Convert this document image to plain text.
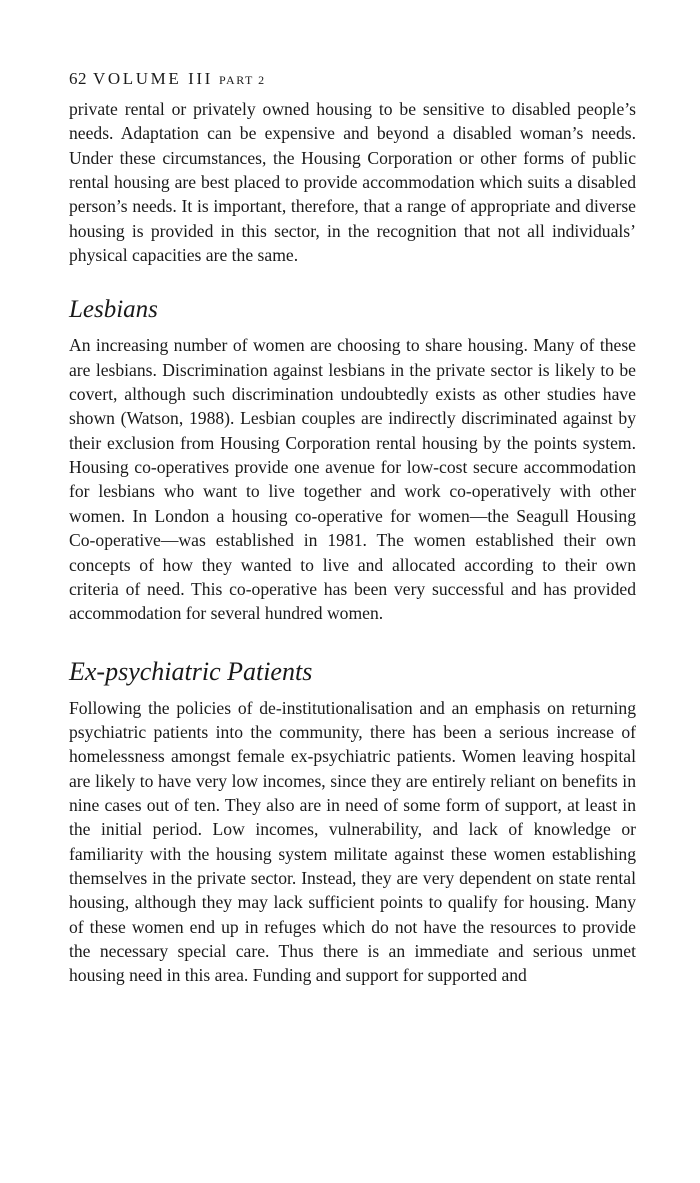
62 VOLUME III PART 2

private rental or privately owned housing to be sensitive to disabled people’s needs. Adaptation can be expensive and beyond a disabled woman’s needs. Under these circumstances, the Housing Corporation or other forms of public rental housing are best placed to provide accommodation which suits a disabled person’s needs. It is important, therefore, that a range of appropriate and diverse housing is provided in this sector, in the recognition that not all individuals’ physical capacities are the same.

Lesbians

An increasing number of women are choosing to share housing. Many of these are lesbians. Discrimination against lesbians in the private sector is likely to be covert, although such discrimination undoubtedly exists as other studies have shown (Watson, 1988). Lesbian couples are indirectly discriminated against by their exclusion from Housing Corporation rental housing by the points system. Housing co-operatives provide one avenue for low-cost secure accommodation for lesbians who want to live together and work co-operatively with other women. In London a housing co-operative for women—the Seagull Housing Co-operative—was established in 1981. The women established their own concepts of how they wanted to live and allocated according to their own criteria of need. This co-operative has been very successful and has provided accommodation for several hundred women.

Ex-psychiatric Patients

Following the policies of de-institutionalisation and an emphasis on returning psychiatric patients into the community, there has been a serious increase of homelessness amongst female ex-psychiatric patients. Women leaving hospital are likely to have very low incomes, since they are entirely reliant on benefits in nine cases out of ten. They also are in need of some form of support, at least in the initial period. Low incomes, vulnerability, and lack of knowledge or familiarity with the housing system militate against these women establishing themselves in the private sector. Instead, they are very dependent on state rental housing, although they may lack sufficient points to qualify for housing. Many of these women end up in refuges which do not have the resources to provide the necessary special care. Thus there is an immediate and serious unmet housing need in this area. Funding and support for supported and
